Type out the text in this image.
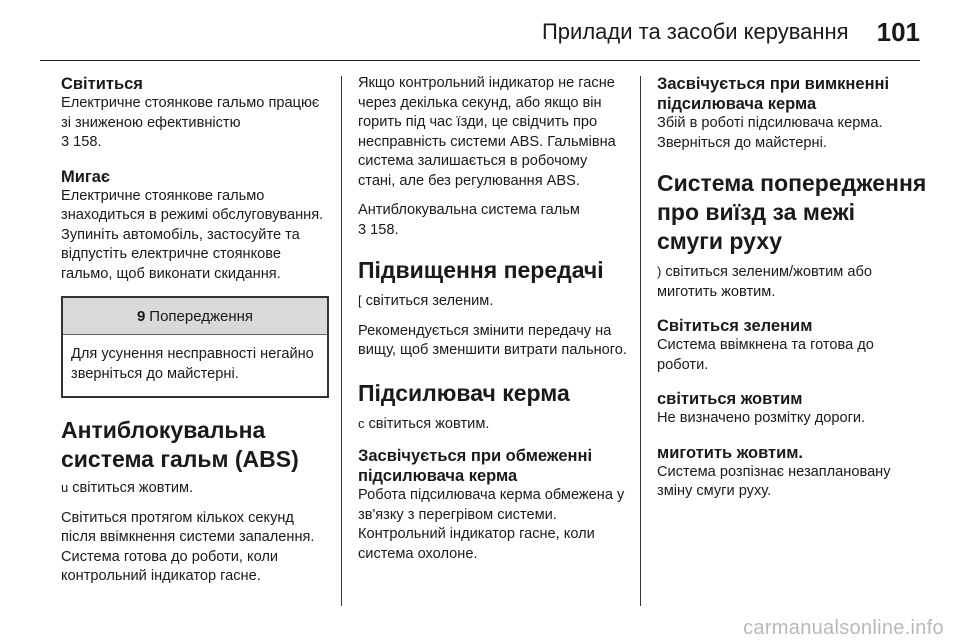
Прилади та засоби керування 101

Світиться

Електричне стоянкове гальмо працює зі зниженою ефективністю
3 158.

Мигає

Електричне стоянкове гальмо знаходиться в режимі обслуговування. Зупиніть автомобіль, застосуйте та відпустіть електричне стоянкове гальмо, щоб виконати скидання.

9 Попередження
Для усунення несправності негайно зверніться до майстерні.

Антиблокувальна система гальм (ABS)

u світиться жовтим.

Світиться протягом кількох секунд після ввімкнення системи запалення. Система готова до роботи, коли контрольний індикатор гасне.

Якщо контрольний індикатор не гасне через декілька секунд, або якщо він горить під час їзди, це свідчить про несправність системи ABS. Гальмівна система залишається в робочому стані, але без регулювання ABS.

Антиблокувальна система гальм
3 158.

Підвищення передачі

[ світиться зеленим.

Рекомендується змінити передачу на вищу, щоб зменшити витрати пального.

Підсилювач керма

c світиться жовтим.

Засвічується при обмеженні підсилювача керма

Робота підсилювача керма обмежена у зв'язку з перегрівом системи. Контрольний індикатор гасне, коли система охолоне.

Засвічується при вимкненні підсилювача керма

Збій в роботі підсилювача керма. Зверніться до майстерні.

Система попередження про виїзд за межі смуги руху

) світиться зеленим/жовтим або миготить жовтим.

Світиться зеленим

Система ввімкнена та готова до роботи.

світиться жовтим

Не визначено розмітку дороги.

миготить жовтим.

Система розпізнає незаплановану зміну смуги руху.

carmanualsonline.info
